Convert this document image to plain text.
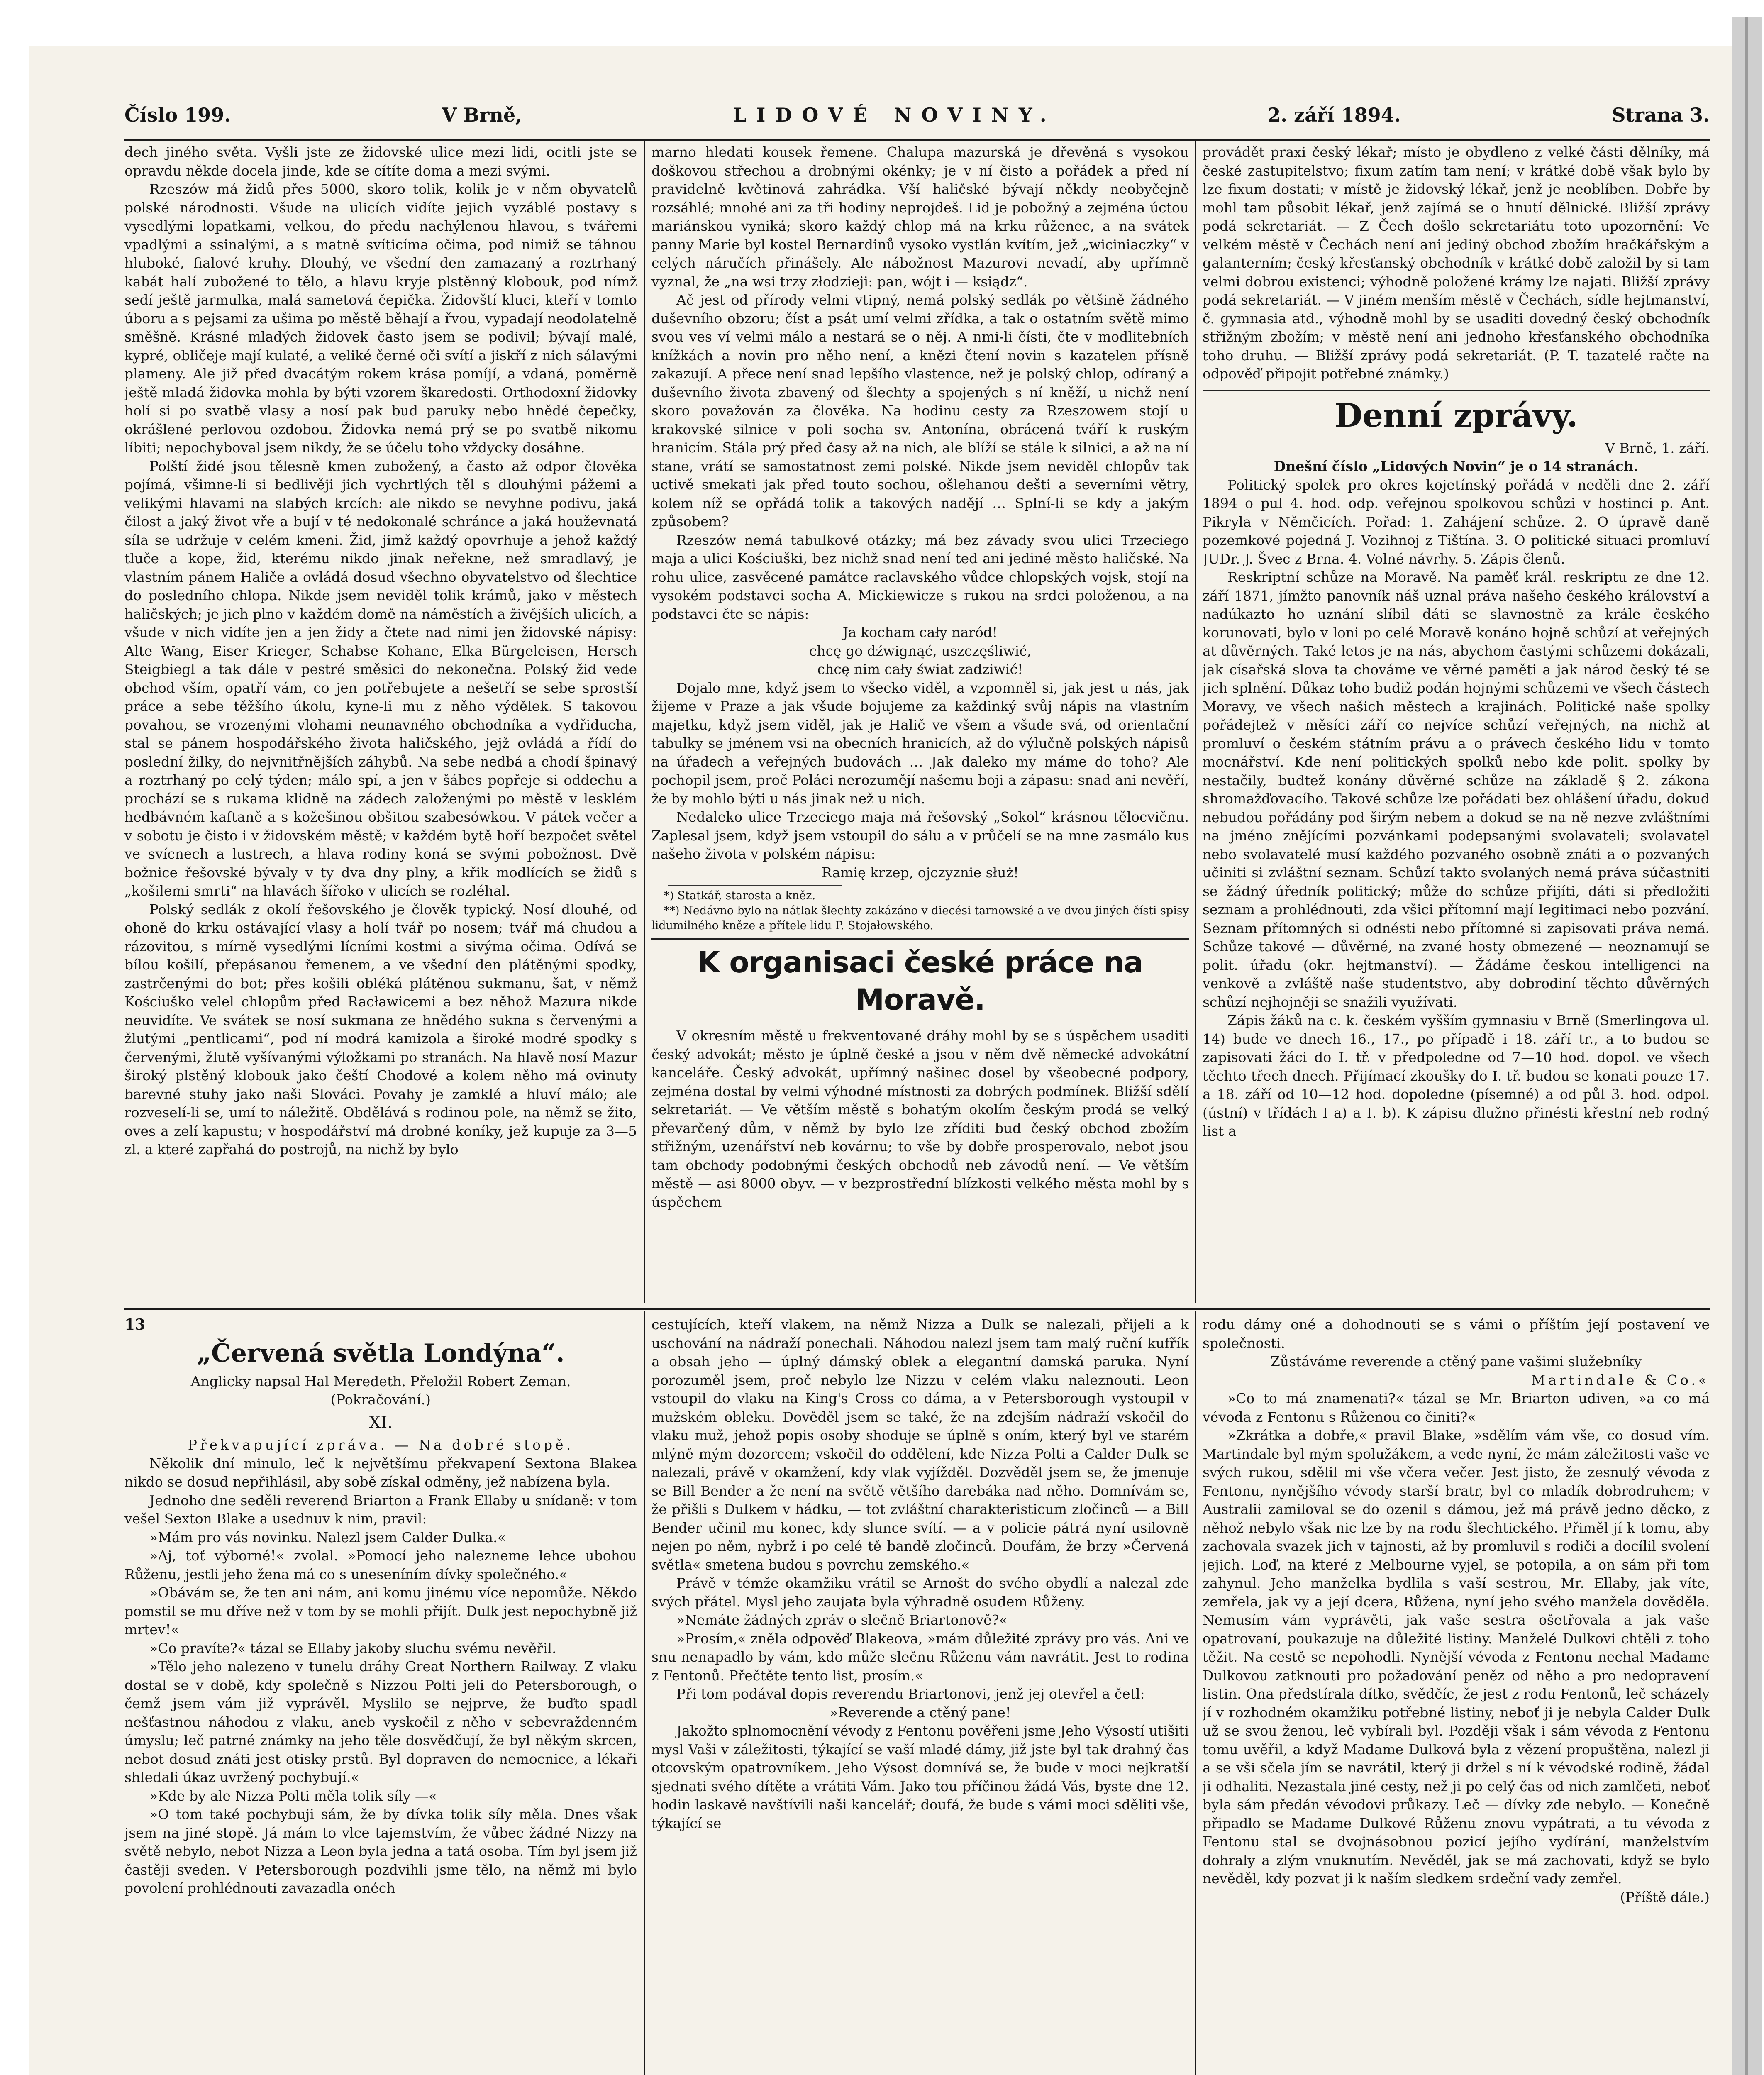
Číslo 199.	V Brně,	LIDOVÉ NOVINY.	2. září 1894.	Strana 3.

dech jiného světa. Vyšli jste ze židovské ulice mezi lidi, ocitli jste se opravdu někde docela jinde, kde se cítíte doma a mezi svými.

Rzeszów má židů přes 5000, skoro tolik, kolik je v něm obyvatelů polské národnosti. Všude na ulicích vidíte jejich vyzáblé postavy s vysedlými lopatkami, velkou, do předu nachýlenou hlavou, s tvářemi vpadlými a ssinalými, a s matně svíticíma očima, pod nimiž se táhnou hluboké, fialové kruhy. Dlouhý, ve všední den zamazaný a roztrhaný kabát halí zubožené to tělo, a hlavu kryje plstěnný klobouk, pod nímž sedí ještě jarmulka, malá sametová čepička. Židovští kluci, kteří v tomto úboru a s pejsami za ušima po městě běhají a řvou, vypadají neodolatelně směšně. Krásné mladých židovek často jsem se podivil; bývají malé, kypré, obličeje mají kulaté, a veliké černé oči svítí a jiskří z nich sálavými plameny. Ale již před dvacátým rokem krása pomíjí, a vdaná, poměrně ještě mladá židovka mohla by býti vzorem škaredosti. Orthodoxní židovky holí si po svatbě vlasy a nosí pak bud paruky nebo hnědé čepečky, okrášlené perlovou ozdobou. Židovka nemá prý se po svatbě nikomu líbiti; nepochyboval jsem nikdy, že se účelu toho vždycky dosáhne.

Polští židé jsou tělesně kmen zubožený, a často až odpor člověka pojímá, všimne-li si bedlivěji jich vychrtlých těl s dlouhými pážemi a velikými hlavami na slabých krcích: ale nikdo se nevyhne podivu, jaká čilost a jaký život vře a bují v té nedokonalé schránce a jaká houževnatá síla se udržuje v celém kmeni. Žid, jimž každý opovrhuje a jehož každý tluče a kope, žid, kterému nikdo jinak neřekne, než smradlavý, je vlastním pánem Haliče a ovládá dosud všechno obyvatelstvo od šlechtice do posledního chlopa. Nikde jsem neviděl tolik krámů, jako v městech haličských; je jich plno v každém domě na náměstích a živějších ulicích, a všude v nich vidíte jen a jen židy a čtete nad nimi jen židovské nápisy: Alte Wang, Eiser Krieger, Schabse Kohane, Elka Bürgeleisen, Hersch Steigbiegl a tak dále v pestré směsici do nekonečna. Polský žid vede obchod vším, opatří vám, co jen potřebujete a nešetří se sebe sprostší práce a sebe těžšího úkolu, kyne-li mu z něho výdělek. S takovou povahou, se vrozenými vlohami neunavného obchodníka a vydřiducha, stal se pánem hospodářského života haličského, jejž ovládá a řídí do poslední žilky, do nejvnitřnějších záhybů. Na sebe nedbá a chodí špinavý a roztrhaný po celý týden; málo spí, a jen v šábes popřeje si oddechu a prochází se s rukama klidně na zádech založenými po městě v lesklém hedbávném kaftaně a s kožešinou obšitou szabesówkou. V pátek večer a v sobotu je čisto i v židovském městě; v každém bytě hoří bezpočet světel ve svícnech a lustrech, a hlava rodiny koná se svými pobožnost. Dvě božnice řešovské bývaly v ty dva dny plny, a křik modlících se židů s „košilemi smrti“ na hlavách šířoko v ulicích se rozléhal.

Polský sedlák z okolí řešovského je člověk typický. Nosí dlouhé, od ohoně do krku ostávající vlasy a holí tvář po nosem; tvář má chudou a rázovitou, s mírně vysedlými lícními kostmi a sivýma očima. Odívá se bílou košilí, přepásanou řemenem, a ve všední den plátěnými spodky, zastrčenými do bot; přes košili obléká plátěnou sukmanu, šat, v němž Kościuško velel chlopům před Racławicemi a bez něhož Mazura nikde neuvidíte. Ve svátek se nosí sukmana ze hnědého sukna s červenými a žlutými „pentlicami“, pod ní modrá kamizola a široké modré spodky s červenými, žlutě vyšívanými výložkami po stranách. Na hlavě nosí Mazur široký plstěný klobouk jako čeští Chodové a kolem něho má ovinuty barevné stuhy jako naši Slováci. Povahy je zamklé a hluví málo; ale rozveselí-li se, umí to náležitě. Obdělává s rodinou pole, na němž se žito, oves a zelí kapustu; v hospodářství má drobné koníky, jež kupuje za 3—5 zl. a které zapřahá do postrojů, na nichž by bylo

marno hledati kousek řemene. Chalupa mazurská je dřevěná s vysokou doškovou střechou a drobnými okénky; je v ní čisto a pořádek a před ní pravidelně květinová zahrádka. Vší haličské bývají někdy neobyčejně rozsáhlé; mnohé ani za tři hodiny neprojdeš. Lid je pobožný a zejména úctou mariánskou vyniká; skoro každý chlop má na krku růženec, a na svátek panny Marie byl kostel Bernardinů vysoko vystlán kvítím, jež „wiciniaczky“ v celých náručích přinášely. Ale nábožnost Mazurovi nevadí, aby upřímně vyznal, že „na wsi trzy złodzieji: pan, wójt i — ksiądz“.

Ač jest od přírody velmi vtipný, nemá polský sedlák po většině žádného duševního obzoru; číst a psát umí velmi zřídka, a tak o ostatním světě mimo svou ves ví velmi málo a nestará se o něj. A nmi-li čísti, čte v modlitebních knížkách a novin pro něho není, a knězi čtení novin s kazatelen přísně zakazují. A přece není snad lepšího vlastence, než je polský chlop, odíraný a duševního života zbavený od šlechty a spojených s ní kněží, u nichž není skoro považován za člověka. Na hodinu cesty za Rzeszowem stojí u krakovské silnice v poli socha sv. Antonína, obrácená tváří k ruským hranicím. Stála prý před časy až na nich, ale blíží se stále k silnici, a až na ní stane, vrátí se samostatnost zemi polské. Nikde jsem neviděl chlopův tak uctivě smekati jak před touto sochou, ošlehanou dešti a severními větry, kolem níž se opřádá tolik a takových nadějí … Splní-li se kdy a jakým způsobem?

Rzeszów nemá tabulkové otázky; má bez závady svou ulici Trzeciego maja a ulici Kościuški, bez nichž snad není ted ani jediné město haličské. Na rohu ulice, zasvěcené památce raclavského vůdce chlopských vojsk, stojí na vysokém podstavci socha A. Mickiewicze s rukou na srdci položenou, a na podstavci čte se nápis:

Ja kocham cały naród!

chcę go dźwignąć, uszczęśliwić,

chcę nim cały świat zadziwić!

Dojalo mne, když jsem to všecko viděl, a vzpomněl si, jak jest u nás, jak žijeme v Praze a jak všude bojujeme za každinký svůj nápis na vlastním majetku, když jsem viděl, jak je Halič ve všem a všude svá, od orientační tabulky se jménem vsi na obecních hranicích, až do výlučně polských nápisů na úřadech a veřejných budovách … Jak daleko my máme do toho? Ale pochopil jsem, proč Poláci nerozumějí našemu boji a zápasu: snad ani nevěří, že by mohlo býti u nás jinak než u nich.

Nedaleko ulice Trzeciego maja má řešovský „Sokol“ krásnou tělocvičnu. Zaplesal jsem, když jsem vstoupil do sálu a v průčelí se na mne zasmálo kus našeho života v polském nápisu:

Ramię krzep, ojczyznie służ!

*) Statkář, starosta a kněz.

**) Nedávno bylo na nátlak šlechty zakázáno v diecési tarnowské a ve dvou jiných čísti spisy lidumilného kněze a přítele lidu P. Stojałowského.

K organisaci české práce na Moravě.

V okresním městě u frekventované dráhy mohl by se s úspěchem usaditi český advokát; město je úplně české a jsou v něm dvě německé advokátní kanceláře. Český advokát, upřímný našinec dosel by všeobecné podpory, zejména dostal by velmi výhodné místnosti za dobrých podmínek. Bližší sdělí sekretariát. — Ve větším městě s bohatým okolím českým prodá se velký převarčený dům, v němž by bylo lze zříditi bud český obchod zbožím střižným, uzenářství neb kovárnu; to vše by dobře prosperovalo, nebot jsou tam obchody podobnými českých obchodů neb závodů není. — Ve větším městě — asi 8000 obyv. — v bezprostřední blízkosti velkého města mohl by s úspěchem

provádět praxi český lékař; místo je obydleno z velké části dělníky, má české zastupitelstvo; fixum zatím tam není; v krátké době však bylo by lze fixum dostati; v místě je židovský lékař, jenž je neoblíben. Dobře by mohl tam působit lékař, jenž zajímá se o hnutí dělnické. Bližší zprávy podá sekretariát. — Z Čech došlo sekretariátu toto upozornění: Ve velkém městě v Čechách není ani jediný obchod zbožím hračkářským a galanterním; český křesťanský obchodník v krátké době založil by si tam velmi dobrou existenci; výhodně položené krámy lze najati. Bližší zprávy podá sekretariát. — V jiném menším městě v Čechách, sídle hejtmanství, č. gymnasia atd., výhodně mohl by se usaditi dovedný český obchodník střižným zbožím; v městě není ani jednoho křesťanského obchodníka toho druhu. — Bližší zprávy podá sekretariát. (P. T. tazatelé račte na odpověď připojit potřebné známky.)

Denní zprávy.

V Brně, 1. září.

Dnešní číslo „Lidových Novin“ je o 14 stranách.

Politický spolek pro okres kojetínský pořádá v neděli dne 2. září 1894 o pul 4. hod. odp. veřejnou spolkovou schůzi v hostinci p. Ant. Pikryla v Němčicích. Pořad: 1. Zahájení schůze. 2. O úpravě daně pozemkové pojedná J. Vozihnoj z Tištína. 3. O politické situaci promluví JUDr. J. Švec z Brna. 4. Volné návrhy. 5. Zápis členů.

Reskriptní schůze na Moravě. Na paměť král. reskriptu ze dne 12. září 1871, jímžto panovník náš uznal práva našeho českého království a nadúkazto ho uznání slíbil dáti se slavnostně za krále českého korunovati, bylo v loni po celé Moravě konáno hojně schůzí at veřejných at důvěrných. Také letos je na nás, abychom častými schůzemi dokázali, jak císařská slova ta chováme ve věrné paměti a jak národ český té se jich splnění. Důkaz toho budiž podán hojnými schůzemi ve všech částech Moravy, ve všech našich městech a krajinách. Politické naše spolky pořádejtež v měsíci září co nejvíce schůzí veřejných, na nichž at promluví o českém státním právu a o právech českého lidu v tomto mocnářství. Kde není politických spolků nebo kde polit. spolky by nestačily, budtež konány důvěrné schůze na základě § 2. zákona shromažďovacího. Takové schůze lze pořádati bez ohlášení úřadu, dokud nebudou pořádány pod širým nebem a dokud se na ně nezve zvláštními na jméno znějícími pozvánkami podepsanými svolavateli; svolavatel nebo svolavatelé musí každého pozvaného osobně znáti a o pozvaných učiniti si zvláštní seznam. Schůzí takto svolaných nemá práva súčastniti se žádný úředník politický; může do schůze přijíti, dáti si předložiti seznam a prohlédnouti, zda všici přítomní mají legitimaci nebo pozvání. Seznam přítomných si odnésti nebo přítomné si zapisovati práva nemá. Schůze takové — důvěrné, na zvané hosty obmezené — neoznamují se polit. úřadu (okr. hejtmanství). — Žádáme českou intelligenci na venkově a zvláště naše studentstvo, aby dobrodiní těchto důvěrných schůzí nejhojněji se snažili využívati.

Zápis žáků na c. k. českém vyšším gymnasiu v Brně (Smerlingova ul. 14) bude ve dnech 16., 17., po případě i 18. září tr., a to budou se zapisovati žáci do I. tř. v předpoledne od 7—10 hod. dopol. ve všech těchto třech dnech. Přijímací zkoušky do I. tř. budou se konati pouze 17. a 18. září od 10—12 hod. dopoledne (písemné) a od půl 3. hod. odpol. (ústní) v třídách I a) a I. b). K zápisu dlužno přinésti křestní neb rodný list a

13
„Červená světla Londýna“.

Anglicky napsal Hal Meredeth. Přeložil Robert Zeman.

(Pokračování.)

XI.

Překvapující zpráva. — Na dobré stopě.

Několik dní minulo, leč k největšímu překvapení Sextona Blakea nikdo se dosud nepřihlásil, aby sobě získal odměny, jež nabízena byla.

Jednoho dne seděli reverend Briarton a Frank Ellaby u snídaně: v tom vešel Sexton Blake a usednuv k nim, pravil:

»Mám pro vás novinku. Nalezl jsem Calder Dulka.«

»Aj, toť výborné!« zvolal. »Pomocí jeho nalezneme lehce ubohou Růženu, jestli jeho žena má co s uneseníním dívky společného.«

»Obávám se, že ten ani nám, ani komu jinému více nepomůže. Někdo pomstil se mu dříve než v tom by se mohli přijít. Dulk jest nepochybně již mrtev!«

»Co pravíte?« tázal se Ellaby jakoby sluchu svému nevěřil.

»Tělo jeho nalezeno v tunelu dráhy Great Northern Railway. Z vlaku dostal se v době, kdy společně s Nizzou Polti jeli do Petersborough, o čemž jsem vám již vyprávěl. Myslilo se nejprve, že buďto spadl nešťastnou náhodou z vlaku, aneb vyskočil z něho v sebevraždenném úmyslu; leč patrné známky na jeho těle dosvědčují, že byl někým skrcen, nebot dosud znáti jest otisky prstů. Byl dopraven do nemocnice, a lékaři shledali úkaz uvržený pochybují.«

»Kde by ale Nizza Polti měla tolik síly —«

»O tom také pochybuji sám, že by dívka tolik síly měla. Dnes však jsem na jiné stopě. Já mám to vlce tajemstvím, že vůbec žádné Nizzy na světě nebylo, nebot Nizza a Leon byla jedna a tatá osoba. Tím byl jsem již častěji sveden. V Petersborough pozdvihli jsme tělo, na němž mi bylo povolení prohlédnouti zavazadla onéch

cestujících, kteří vlakem, na němž Nizza a Dulk se nalezali, přijeli a k uschování na nádraží ponechali. Náhodou nalezl jsem tam malý ruční kufřík a obsah jeho — úplný dámský oblek a elegantní damská paruka. Nyní porozuměl jsem, proč nebylo lze Nizzu v celém vlaku naleznouti. Leon vstoupil do vlaku na King's Cross co dáma, a v Petersborough vystoupil v mužském obleku. Dověděl jsem se také, že na zdejším nádraží vskočil do vlaku muž, jehož popis osoby shoduje se úplně s oním, který byl ve starém mlýně mým dozorcem; vskočil do oddělení, kde Nizza Polti a Calder Dulk se nalezali, právě v okamžení, kdy vlak vyjížděl. Dozvěděl jsem se, že jmenuje se Bill Bender a že není na světě většího darebáka nad něho. Domnívám se, že přišli s Dulkem v hádku, — tot zvláštní charakteristicum zločinců — a Bill Bender učinil mu konec, kdy slunce svítí. — a v policie pátrá nyní usilovně nejen po něm, nybrž i po celé tě bandě zločinců. Doufám, že brzy »Červená světla« smetena budou s povrchu zemského.«

Právě v témže okamžiku vrátil se Arnošt do svého obydlí a nalezal zde svých přátel. Mysl jeho zaujata byla výhradně osudem Růženy.

»Nemáte žádných zpráv o slečně Briartonově?«

»Prosím,« zněla odpověď Blakeova, »mám důležité zprávy pro vás. Ani ve snu nenapadlo by vám, kdo může slečnu Růženu vám navrátit. Jest to rodina z Fentonů. Přečtěte tento list, prosím.«

Při tom podával dopis reverendu Briartonovi, jenž jej otevřel a četl:

»Reverende a ctěný pane!

Jakožto splnomocnění vévody z Fentonu pověřeni jsme Jeho Výsostí utišiti mysl Vaši v záležitosti, týkající se vaší mladé dámy, již jste byl tak drahný čas otcovským opatrovníkem. Jeho Výsost domnívá se, že bude v moci nejkratší sjednati svého dítěte a vrátiti Vám. Jako tou příčinou žádá Vás, byste dne 12. hodin laskavě navštívili naši kancelář; doufá, že bude s vámi moci sděliti vše, týkající se

rodu dámy oné a dohodnouti se s vámi o příštím její postavení ve společnosti.

Zůstáváme reverende a ctěný pane vašimi služebníky

Martindale & Co.«

»Co to má znamenati?« tázal se Mr. Briarton udiven, »a co má vévoda z Fentonu s Růženou co činiti?«

»Zkrátka a dobře,« pravil Blake, »sdělím vám vše, co dosud vím. Martindale byl mým spolužákem, a vede nyní, že mám záležitosti vaše ve svých rukou, sdělil mi vše včera večer. Jest jisto, že zesnulý vévoda z Fentonu, nynějšího vévody starší bratr, byl co mladík dobrodruhem; v Australii zamiloval se do ozenil s dámou, jež má právě jedno děcko, z něhož nebylo však nic lze by na rodu šlechtického. Přiměl jí k tomu, aby zachovala svazek jich v tajnosti, až by promluvil s rodiči a docílil svolení jejich. Loď, na které z Melbourne vyjel, se potopila, a on sám při tom zahynul. Jeho manželka bydlila s vaší sestrou, Mr. Ellaby, jak víte, zemřela, jak vy a její dcera, Růžena, nyní jeho svého manžela dověděla. Nemusím vám vyprávěti, jak vaše sestra ošetřovala a jak vaše opatrovaní, poukazuje na důležité listiny. Manželé Dulkovi chtěli z toho těžit. Na cestě se nepohodli. Nynější vévoda z Fentonu nechal Madame Dulkovou zatknouti pro požadování peněz od něho a pro nedopravení listin. Ona předstírala dítko, svědčíc, že jest z rodu Fentonů, leč scházely jí v rozhodném okamžiku potřebné listiny, neboť ji je nebyla Calder Dulk už se svou ženou, leč vybírali byl. Později však i sám vévoda z Fentonu tomu uvěřil, a když Madame Dulková byla z vězení propuštěna, nalezl ji a se vši sčela jím se navrátil, který ji držel s ní k vévodské rodině, žádal ji odhaliti. Nezastala jiné cesty, než ji po celý čas od nich zamlčeti, neboť byla sám předán vévodovi průkazy. Leč — dívky zde nebylo. — Konečně připadlo se Madame Dulkové Růženu znovu vypátrati, a tu vévoda z Fentonu stal se dvojnásobnou pozicí jejího vydírání, manželstvím dohraly a zlým vnuknutím. Nevěděl, jak se má zachovati, když se bylo nevěděl, kdy pozvat ji k naším sledkem srdeční vady zemřel.

(Příště dále.)
